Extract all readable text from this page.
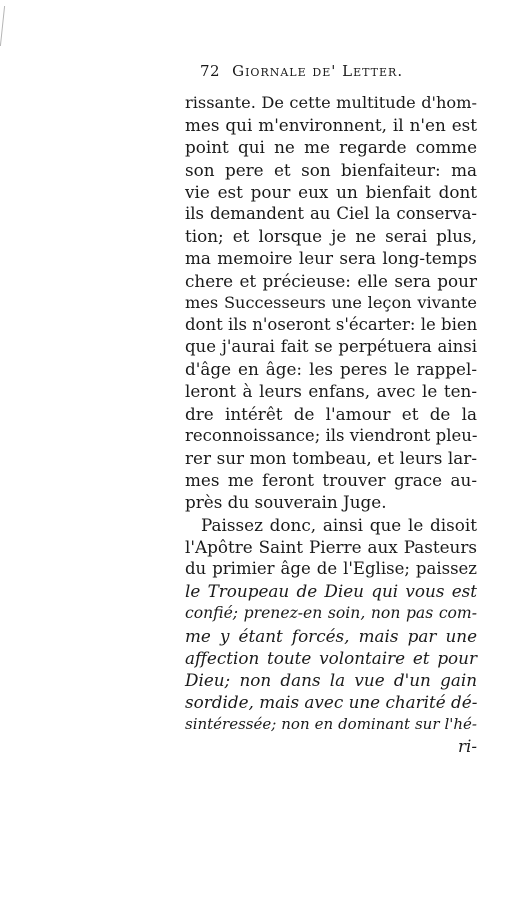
72 Giornale de' Letter.
rissante. De cette multitude d'hom-
mes qui m'environnent, il n'en est
point qui ne me regarde comme
son pere et son bienfaiteur: ma
vie est pour eux un bienfait dont
ils demandent au Ciel la conserva-
tion; et lorsque je ne serai plus,
ma memoire leur sera long-temps
chere et précieuse: elle sera pour
mes Successeurs une leçon vivante
dont ils n'oseront s'écarter: le bien
que j'aurai fait se perpétuera ainsi
d'âge en âge: les peres le rappel-
leront à leurs enfans, avec le ten-
dre intérêt de l'amour et de la
reconnoissance; ils viendront pleu-
rer sur mon tombeau, et leurs lar-
mes me feront trouver grace au-
près du souverain Juge.
Paissez donc, ainsi que le disoit
l'Apôtre Saint Pierre aux Pasteurs
du primier âge de l'Eglise; paissez
le Troupeau de Dieu qui vous est
confié; prenez-en soin, non pas com-
me y étant forcés, mais par une
affection toute volontaire et pour
Dieu; non dans la vue d'un gain
sordide, mais avec une charité dé-
sintéressée; non en dominant sur l'hé-
ri-
